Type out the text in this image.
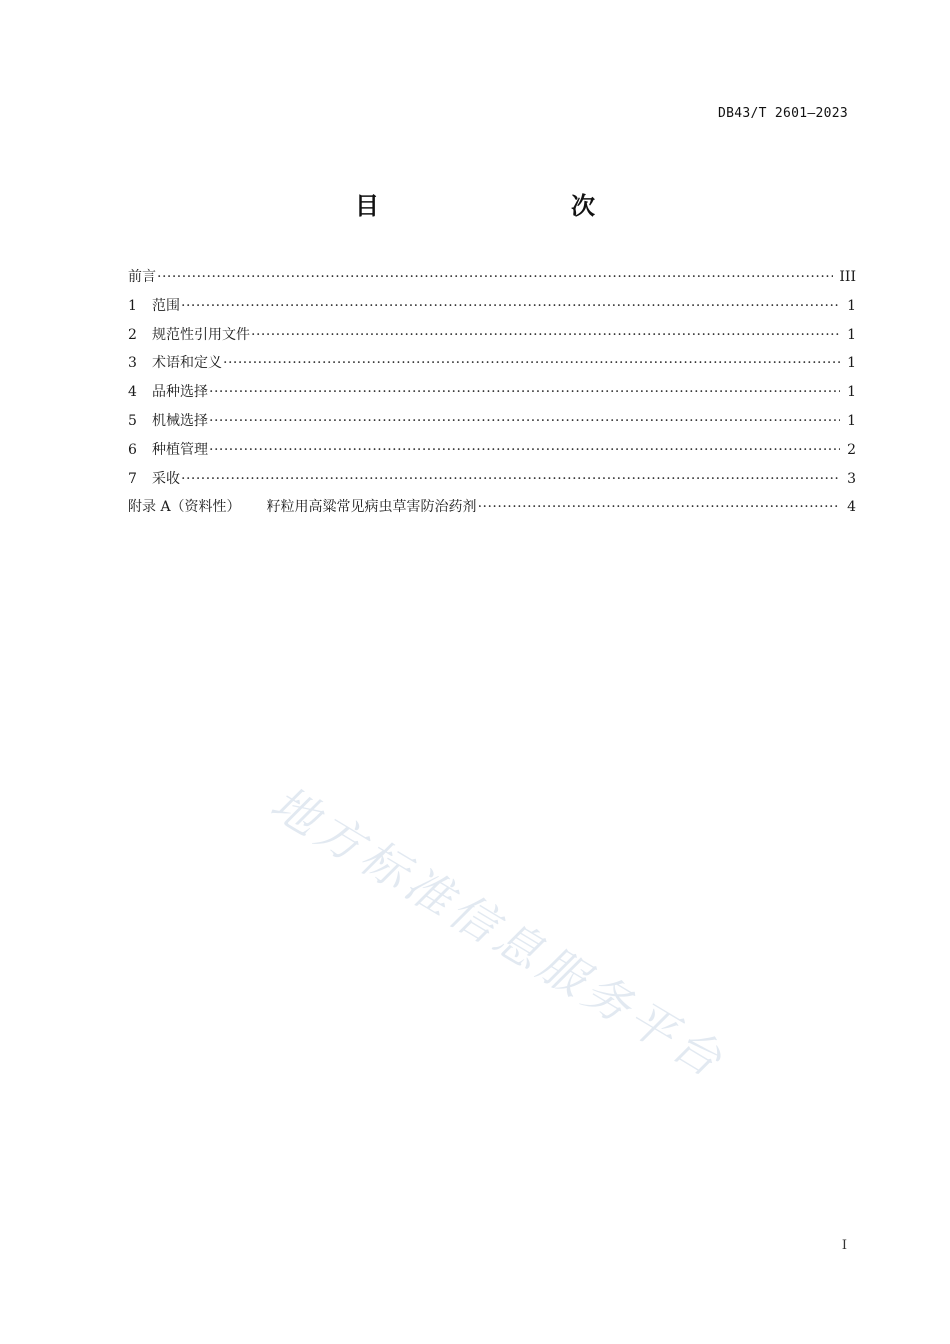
DB43/T 2601—2023
目　　次
前言 ·····	III
1	范围 ·····	1
2	规范性引用文件 ·····	1
3	术语和定义 ·····	1
4	品种选择 ·····	1
5	机械选择 ·····	1
6	种植管理 ·····	2
7	采收 ·····	3
附录 A（资料性） 籽粒用高粱常见病虫草害防治药剂 ·····	4
地方标准信息服务平台
I
